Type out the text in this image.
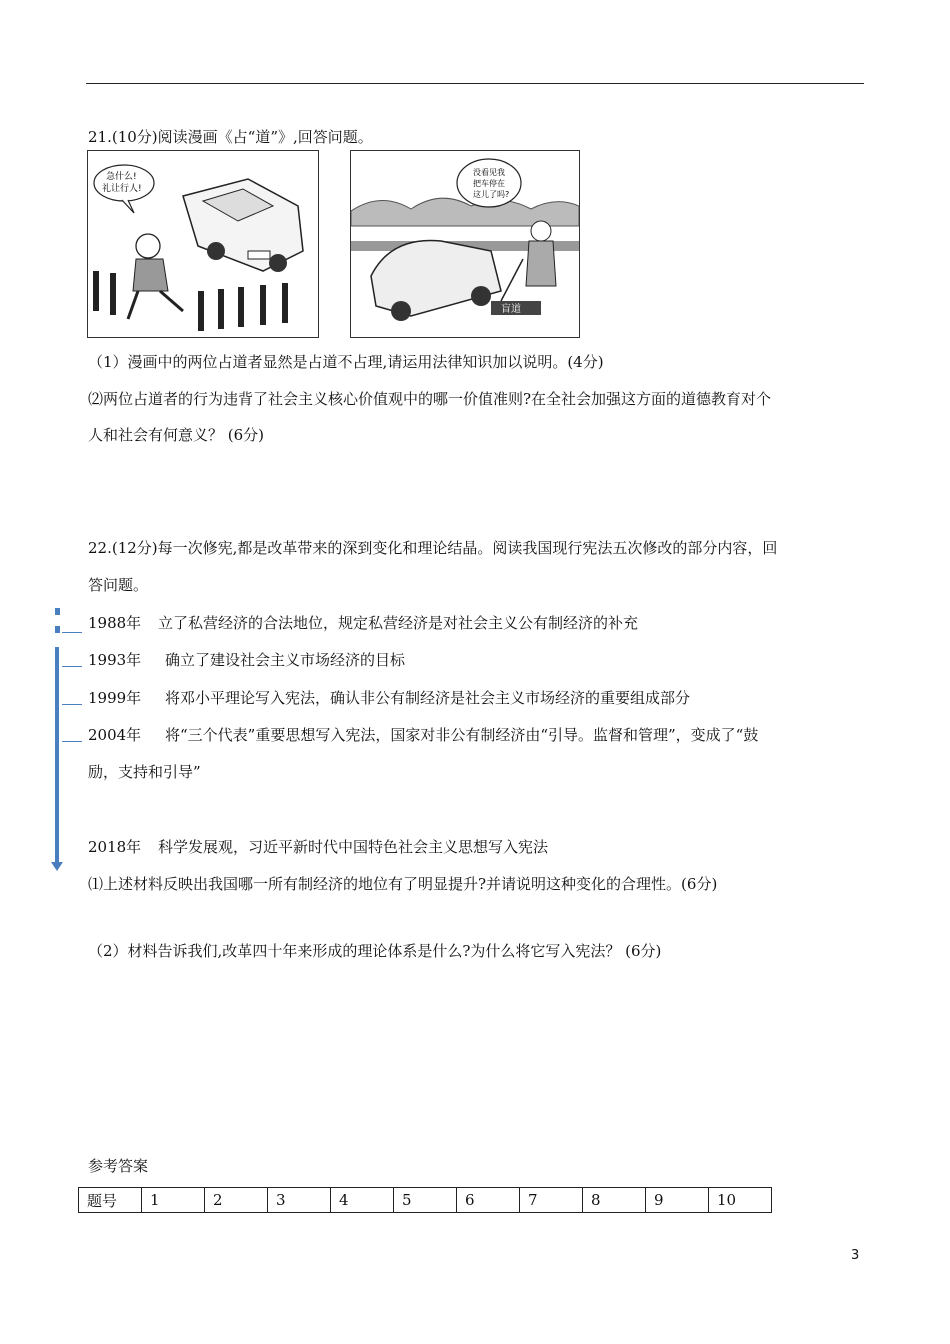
21.(10分)阅读漫画《占“道”》,回答问题。
急什么!
礼让行人!
没看见我
把车停在
这儿了吗?
盲道
（1）漫画中的两位占道者显然是占道不占理,请运用法律知识加以说明。(4分)
⑵两位占道者的行为违背了社会主义核心价值观中的哪一价值准则?在全社会加强这方面的道德教育对个
人和社会有何意义？ (6分)
22.(12分)每一次修宪,都是改革带来的深到变化和理论结晶。阅读我国现行宪法五次修改的部分内容，回
答问题。
1988年 立了私营经济的合法地位，规定私营经济是对社会主义公有制经济的补充
1993年 确立了建设社会主义市场经济的目标
1999年 将邓小平理论写入宪法，确认非公有制经济是社会主义市场经济的重要组成部分
2004年 将“三个代表”重要思想写入宪法，国家对非公有制经济由“引导。监督和管理”，变成了“鼓
励，支持和引导”
2018年 科学发展观，习近平新时代中国特色社会主义思想写入宪法
⑴上述材料反映出我国哪一所有制经济的地位有了明显提升?并请说明这种变化的合理性。(6分)
（2）材料告诉我们,改革四十年来形成的理论体系是什么?为什么将它写入宪法？ (6分)
参考答案
题号	1	2	3	4	5	6	7	8	9	10
3
